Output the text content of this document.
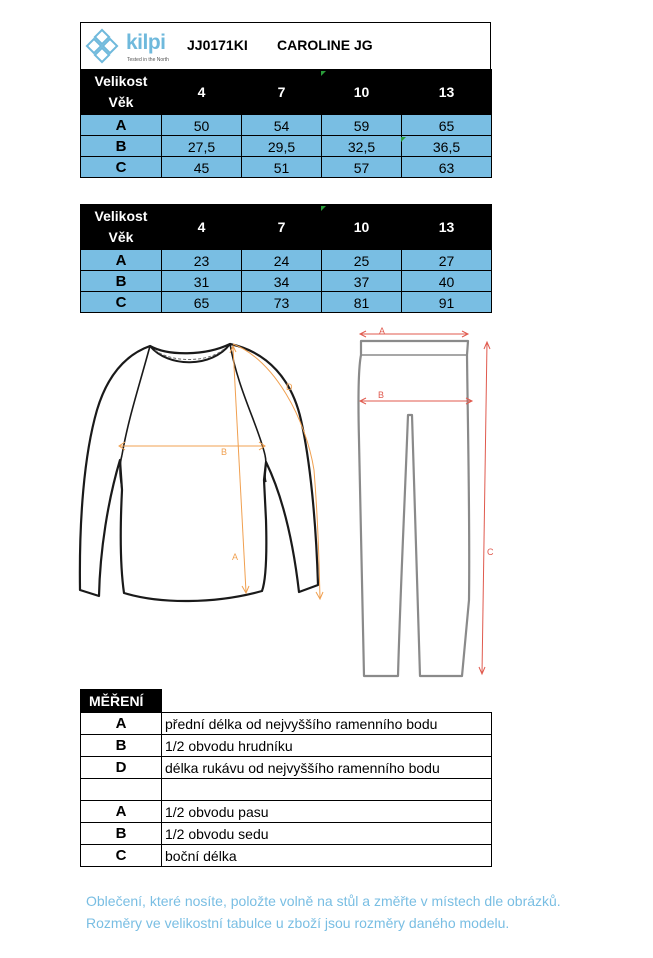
kilpi
Tested in the North
JJ0171KI CAROLINE JG
Velikost
Věk	4	7	10	13
A	50	54	59	65
B	27,5	29,5	32,5	36,5
C	45	51	57	63
Velikost
Věk	4	7	10	13
A	23	24	25	27
B	31	34	37	40
C	65	73	81	91
B
A
D
A
B
C
MĚŘENÍ	
A	přední délka od nejvyššího ramenního bodu
B	1/2 obvodu hrudníku
D	délka rukávu od nejvyššího ramenního bodu

A	1/2 obvodu pasu
B	1/2 obvodu sedu
C	boční délka
Oblečení, které nosíte, položte volně na stůl a změřte v místech dle obrázků.
Rozměry ve velikostní tabulce u zboží jsou rozměry daného modelu.
